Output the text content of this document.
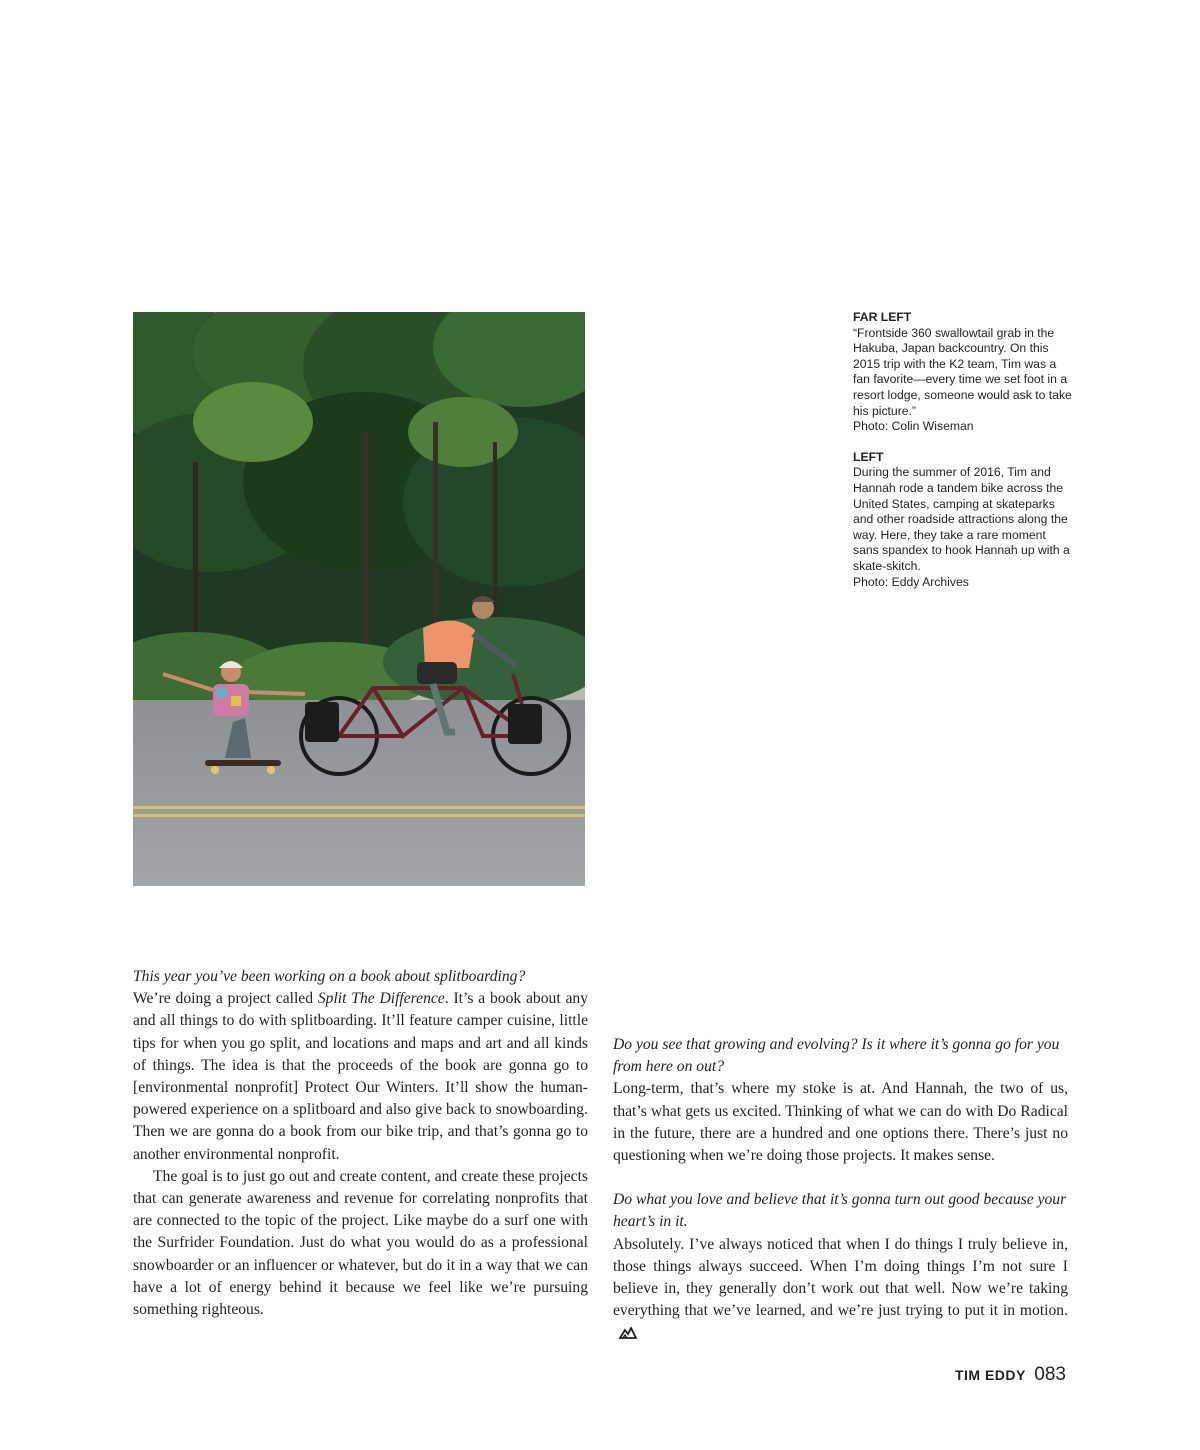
FAR LEFT
“Frontside 360 swallowtail grab in the Hakuba, Japan backcountry. On this 2015 trip with the K2 team, Tim was a fan favorite—every time we set foot in a resort lodge, someone would ask to take his picture.”
Photo: Colin Wiseman
LEFT
During the summer of 2016, Tim and Hannah rode a tandem bike across the United States, camping at skateparks and other roadside attractions along the way. Here, they take a rare moment sans spandex to hook Hannah up with a skate-skitch.
Photo: Eddy Archives
This year you’ve been working on a book about splitboarding?
We’re doing a project called Split The Difference. It’s a book about any and all things to do with splitboarding. It’ll feature camper cuisine, little tips for when you go split, and locations and maps and art and all kinds of things. The idea is that the proceeds of the book are gonna go to [environmental nonprofit] Protect Our Winters. It’ll show the human-powered experience on a splitboard and also give back to snowboarding. Then we are gonna do a book from our bike trip, and that’s gonna go to another environmental nonprofit.
The goal is to just go out and create content, and create these projects that can generate awareness and revenue for correlating nonprofits that are connected to the topic of the project. Like maybe do a surf one with the Surfrider Foundation. Just do what you would do as a professional snowboarder or an influencer or whatever, but do it in a way that we can have a lot of energy behind it because we feel like we’re pursuing something righteous.
Do you see that growing and evolving? Is it where it’s gonna go for you from here on out?
Long-term, that’s where my stoke is at. And Hannah, the two of us, that’s what gets us excited. Thinking of what we can do with Do Radical in the future, there are a hundred and one options there. There’s just no questioning when we’re doing those projects. It makes sense.
Do what you love and believe that it’s gonna turn out good because your heart’s in it.
Absolutely. I’ve always noticed that when I do things I truly believe in, those things always succeed. When I’m doing things I’m not sure I believe in, they generally don’t work out that well. Now we’re taking everything that we’ve learned, and we’re just trying to put it in motion.
TIM EDDY 083
